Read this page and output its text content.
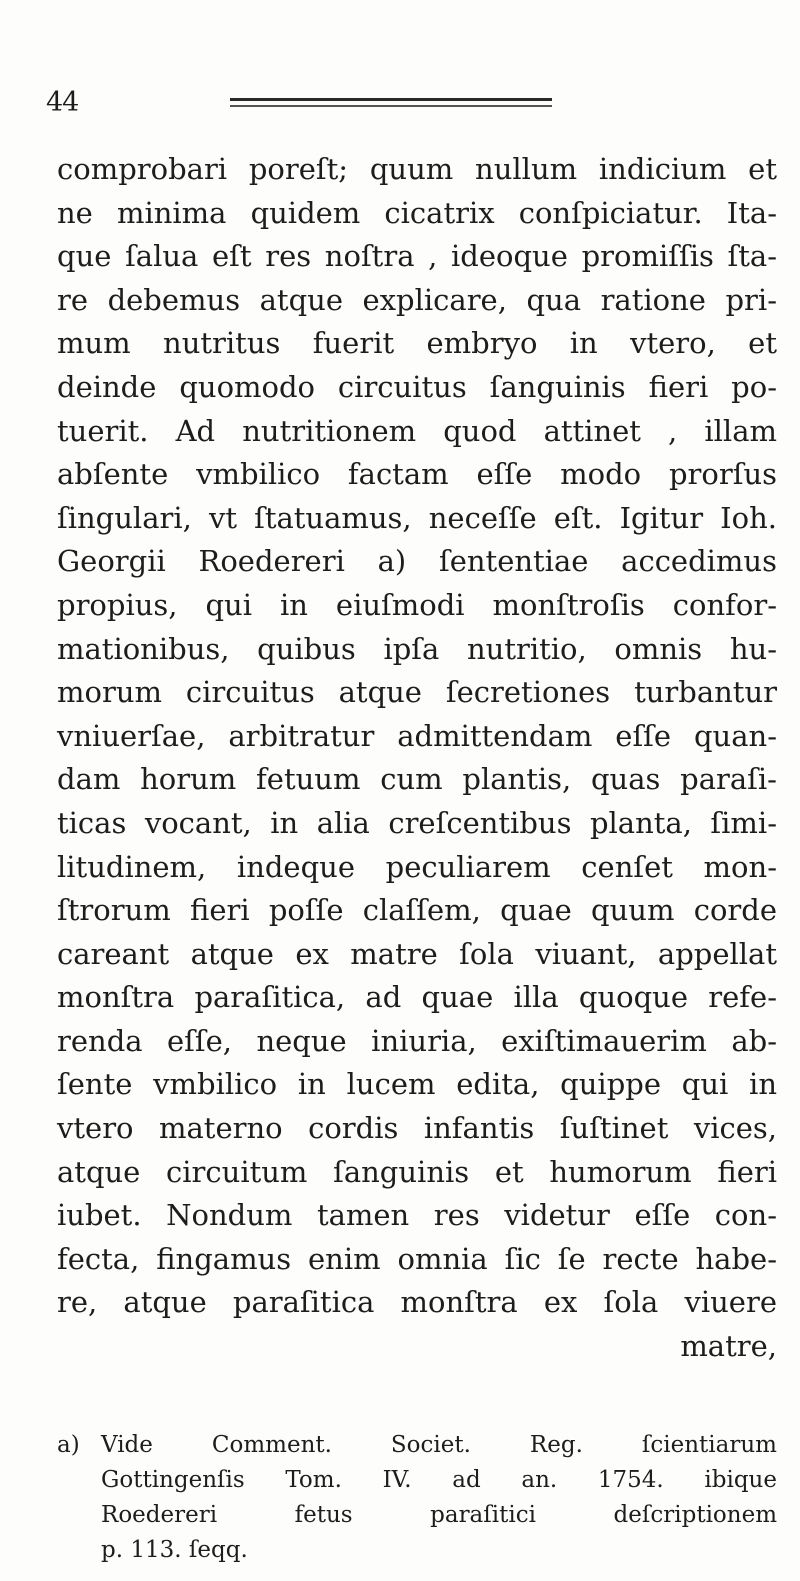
44
comprobari poreſt; quum nullum indicium et
ne minima quidem cicatrix conſpiciatur. Ita-
que ſalua eſt res noſtra , ideoque promiſſis ſta-
re debemus atque explicare, qua ratione pri-
mum nutritus fuerit embryo in vtero, et
deinde quomodo circuitus ſanguinis fieri po-
tuerit. Ad nutritionem quod attinet , illam
abſente vmbilico factam eſſe modo prorſus
ſingulari, vt ſtatuamus, neceſſe eſt. Igitur Ioh.
Georgii Roedereri a) ſententiae accedimus
propius, qui in eiuſmodi monſtroſis confor-
mationibus, quibus ipſa nutritio, omnis hu-
morum circuitus atque ſecretiones turbantur
vniuerſae, arbitratur admittendam eſſe quan-
dam horum fetuum cum plantis, quas paraſi-
ticas vocant, in alia creſcentibus planta, ſimi-
litudinem, indeque peculiarem cenſet mon-
ſtrorum fieri poſſe claſſem, quae quum corde
careant atque ex matre ſola viuant, appellat
monſtra paraſitica, ad quae illa quoque refe-
renda eſſe, neque iniuria, exiſtimauerim ab-
ſente vmbilico in lucem edita, quippe qui in
vtero materno cordis infantis ſuſtinet vices,
atque circuitum ſanguinis et humorum fieri
iubet. Nondum tamen res videtur eſſe con-
fecta, fingamus enim omnia ſic ſe recte habe-
re, atque paraſitica monſtra ex ſola viuere
matre,
a) Vide Comment. Societ. Reg. ſcientiarum
Gottingenſis Tom. IV. ad an. 1754. ibique
Roedereri fetus paraſitici deſcriptionem
p. 113. ſeqq.
